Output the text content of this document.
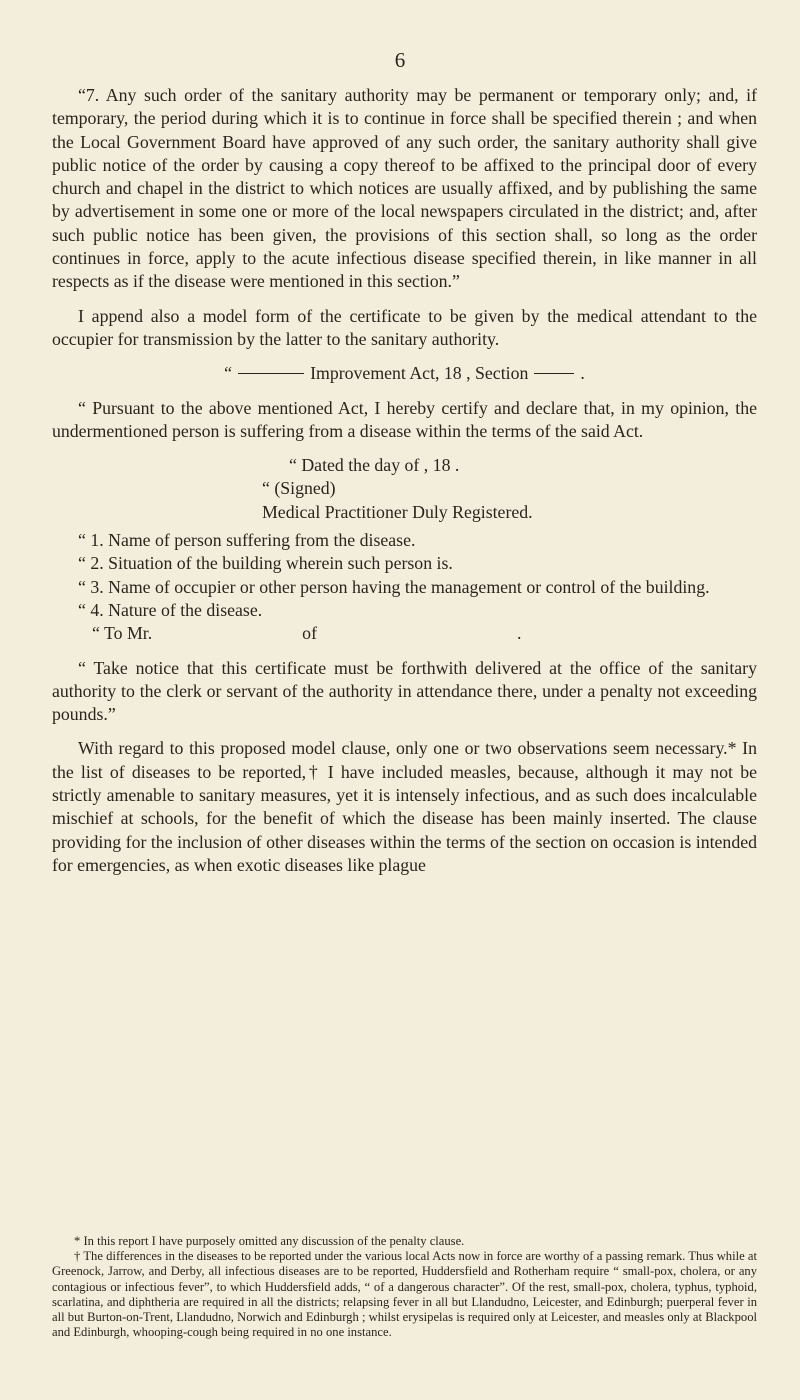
6

“7. Any such order of the sanitary authority may be permanent or temporary only; and, if temporary, the period during which it is to continue in force shall be specified therein ; and when the Local Government Board have approved of any such order, the sanitary authority shall give public notice of the order by causing a copy thereof to be affixed to the principal door of every church and chapel in the district to which notices are usually affixed, and by publishing the same by advertisement in some one or more of the local newspapers circulated in the district; and, after such public notice has been given, the provisions of this section shall, so long as the order continues in force, apply to the acute infectious disease specified therein, in like manner in all respects as if the disease were mentioned in this section.”

I append also a model form of the certificate to be given by the medical attendant to the occupier for transmission by the latter to the sanitary authority.

“	Improvement Act, 18 , Section	.

“ Pursuant to the above mentioned Act, I hereby certify and declare that, in my opinion, the undermentioned person is suffering from a disease within the terms of the said Act.

“ Dated the day of , 18 .

“ (Signed)

Medical Practitioner Duly Registered.

“ 1. Name of person suffering from the disease.

“ 2. Situation of the building wherein such person is.

“ 3. Name of occupier or other person having the management or control of the building.

“ 4. Nature of the disease.

“ To Mr.	of	.

“ Take notice that this certificate must be forthwith delivered at the office of the sanitary authority to the clerk or servant of the authority in attendance there, under a penalty not exceeding pounds.”

With regard to this proposed model clause, only one or two observations seem necessary.* In the list of diseases to be reported,† I have included measles, because, although it may not be strictly amenable to sanitary measures, yet it is intensely infectious, and as such does incalculable mischief at schools, for the benefit of which the disease has been mainly inserted. The clause providing for the inclusion of other diseases within the terms of the section on occasion is intended for emergencies, as when exotic diseases like plague

* In this report I have purposely omitted any discussion of the penalty clause.

† The differences in the diseases to be reported under the various local Acts now in force are worthy of a passing remark. Thus while at Greenock, Jarrow, and Derby, all infectious diseases are to be reported, Huddersfield and Rotherham require “ small-pox, cholera, or any contagious or infectious fever”, to which Huddersfield adds, “ of a dangerous character”. Of the rest, small-pox, cholera, typhus, typhoid, scarlatina, and diphtheria are required in all the districts; relapsing fever in all but Llandudno, Leicester, and Edinburgh; puerperal fever in all but Burton-on-Trent, Llandudno, Norwich and Edinburgh ; whilst erysipelas is required only at Leicester, and measles only at Blackpool and Edinburgh, whooping-cough being required in no one instance.
